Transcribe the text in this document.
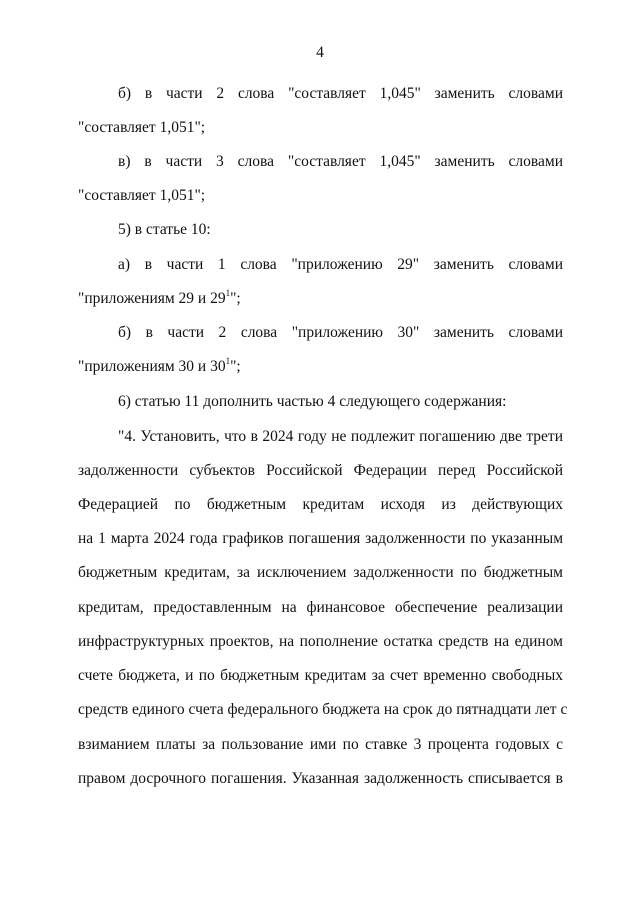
4
б) в части 2 слова "составляет 1,045" заменить словами
"составляет 1,051";
в) в части 3 слова "составляет 1,045" заменить словами
"составляет 1,051";
5) в статье 10:
а) в части 1 слова "приложению 29" заменить словами
"приложениям 29 и $29^1$";
б) в части 2 слова "приложению 30" заменить словами
"приложениям 30 и $30^1$";
6) статью 11 дополнить частью 4 следующего содержания:
"4. Установить, что в 2024 году не подлежит погашению две трети
задолженности субъектов Российской Федерации перед Российской
Федерацией по бюджетным кредитам исходя из действующих
на 1 марта 2024 года графиков погашения задолженности по указанным
бюджетным кредитам, за исключением задолженности по бюджетным
кредитам, предоставленным на финансовое обеспечение реализации
инфраструктурных проектов, на пополнение остатка средств на едином
счете бюджета, и по бюджетным кредитам за счет временно свободных
средств единого счета федерального бюджета на срок до пятнадцати лет с
взиманием платы за пользование ими по ставке 3 процента годовых с
правом досрочного погашения. Указанная задолженность списывается в
